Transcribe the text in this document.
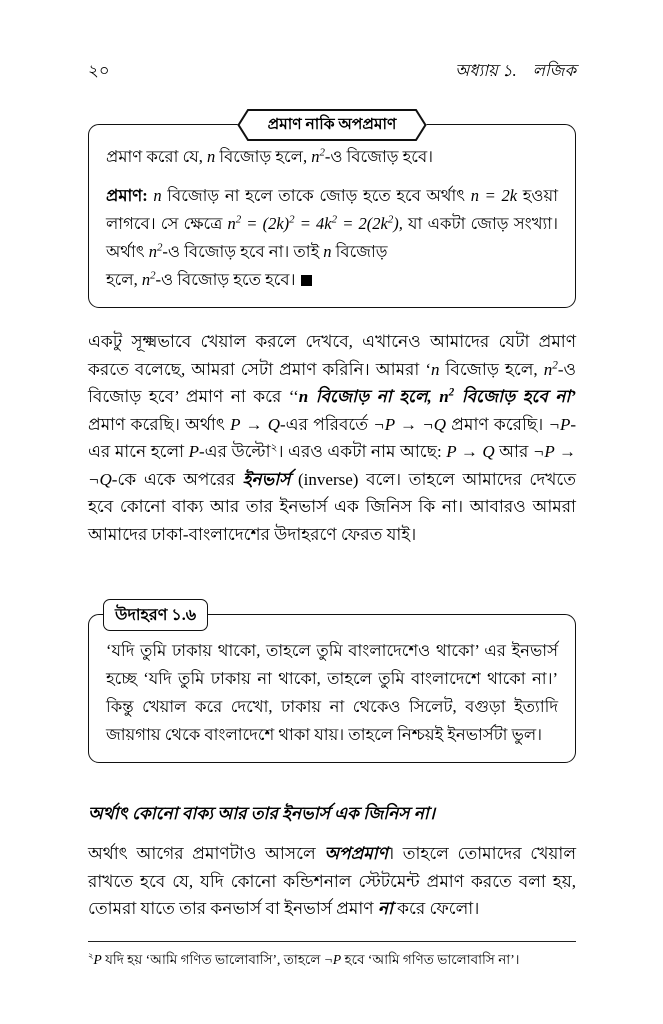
২০	অধ্যায় ১. লজিক
প্রমাণ নাকি অপপ্রমাণ

প্রমাণ করো যে, n বিজোড় হলে, $n^2-ও$ বিজোড় হবে।

প্রমাণ: n বিজোড় না হলে তাকে জোড় হতে হবে অর্থাৎ n = 2k হওয়া লাগবে। সে ক্ষেত্রে $n^2 = (2k)^2 = 4k^2 = 2(2k^2)$, যা একটা জোড় সংখ্যা। অর্থাৎ $n^2-ও$ বিজোড় হবে না। তাই n বিজোড়

হলে, $n^2-ও$ বিজোড় হতে হবে।

একটু সূক্ষ্মভাবে খেয়াল করলে দেখবে, এখানেও আমাদের যেটা প্রমাণ করতে বলেছে, আমরা সেটা প্রমাণ করিনি। আমরা ‘n বিজোড় হলে, $n^2-ও$ বিজোড় হবে’ প্রমাণ না করে ‘‘n বিজোড় না হলে, $n^2$ বিজোড় হবে না’ প্রমাণ করেছি। অর্থাৎ P → Q-এর পরিবর্তে ¬P → ¬Q প্রমাণ করেছি। ¬P-এর মানে হলো P-এর উল্টো$^২$। এরও একটা নাম আছে: P → Q আর ¬P → ¬Q-কে একে অপরের ইনভার্স (inverse) বলে। তাহলে আমাদের দেখতে হবে কোনো বাক্য আর তার ইনভার্স এক জিনিস কি না। আবারও আমরা আমাদের ঢাকা-বাংলাদেশের উদাহরণে ফেরত যাই।

উদাহরণ ১.৬

‘যদি তুমি ঢাকায় থাকো, তাহলে তুমি বাংলাদেশেও থাকো’ এর ইনভার্স হচ্ছে ‘যদি তুমি ঢাকায় না থাকো, তাহলে তুমি বাংলাদেশে থাকো না।’ কিন্তু খেয়াল করে দেখো, ঢাকায় না থেকেও সিলেট, বগুড়া ইত্যাদি জায়গায় থেকে বাংলাদেশে থাকা যায়। তাহলে নিশ্চয়ই ইনভার্সটা ভুল।

অর্থাৎ কোনো বাক্য আর তার ইনভার্স এক জিনিস না।

অর্থাৎ আগের প্রমাণটাও আসলে অপপ্রমাণ। তাহলে তোমাদের খেয়াল রাখতে হবে যে, যদি কোনো কন্ডিশনাল স্টেটমেন্ট প্রমাণ করতে বলা হয়, তোমরা যাতে তার কনভার্স বা ইনভার্স প্রমাণ না করে ফেলো।

$^২$P যদি হয় ‘আমি গণিত ভালোবাসি’, তাহলে ¬P হবে ‘আমি গণিত ভালোবাসি না’।
